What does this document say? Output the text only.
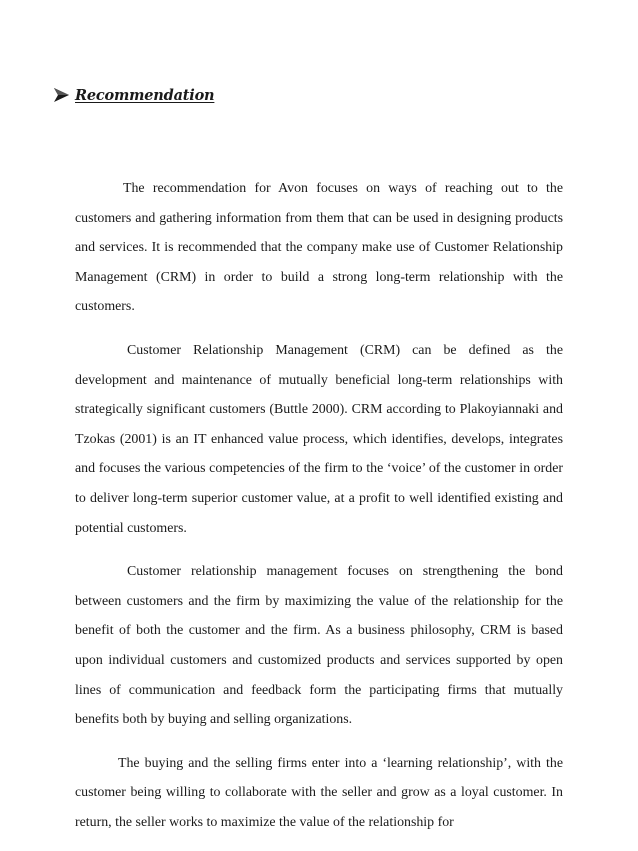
Recommendation

The recommendation for Avon focuses on ways of reaching out to the customers and gathering information from them that can be used in designing products and services. It is recommended that the company make use of Customer Relationship Management (CRM) in order to build a strong long-term relationship with the customers.

Customer Relationship Management (CRM) can be defined as the development and maintenance of mutually beneficial long-term relationships with strategically significant customers (Buttle 2000). CRM according to Plakoyiannaki and Tzokas (2001) is an IT enhanced value process, which identifies, develops, integrates and focuses the various competencies of the firm to the ‘voice’ of the customer in order to deliver long-term superior customer value, at a profit to well identified existing and potential customers.

Customer relationship management focuses on strengthening the bond between customers and the firm by maximizing the value of the relationship for the benefit of both the customer and the firm. As a business philosophy, CRM is based upon individual customers and customized products and services supported by open lines of communication and feedback form the participating firms that mutually benefits both by buying and selling organizations.

The buying and the selling firms enter into a ‘learning relationship’, with the customer being willing to collaborate with the seller and grow as a loyal customer. In return, the seller works to maximize the value of the relationship for
